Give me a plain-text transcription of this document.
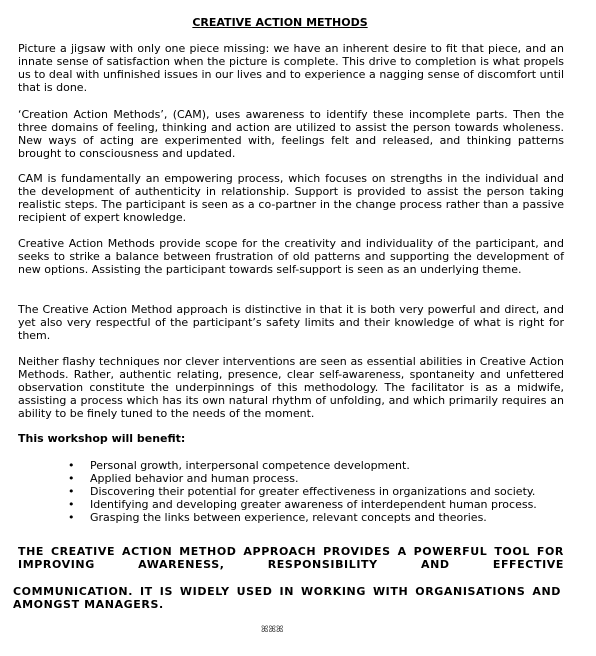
CREATIVE ACTION METHODS

Picture a jigsaw with only one piece missing: we have an inherent desire to fit that piece, and an innate sense of satisfaction when the picture is complete. This drive to completion is what propels us to deal with unfinished issues in our lives and to experience a nagging sense of discomfort until that is done.

‘Creation Action Methods’, (CAM), uses awareness to identify these incomplete parts. Then the three domains of feeling, thinking and action are utilized to assist the person towards wholeness. New ways of acting are experimented with, feelings felt and released, and thinking patterns brought to consciousness and updated.

CAM is fundamentally an empowering process, which focuses on strengths in the individual and the development of authenticity in relationship. Support is provided to assist the person taking realistic steps. The participant is seen as a co-partner in the change process rather than a passive recipient of expert knowledge.

Creative Action Methods provide scope for the creativity and individuality of the participant, and seeks to strike a balance between frustration of old patterns and supporting the development of new options. Assisting the participant towards self-support is seen as an underlying theme.

The Creative Action Method approach is distinctive in that it is both very powerful and direct, and yet also very respectful of the participant’s safety limits and their knowledge of what is right for them.

Neither flashy techniques nor clever interventions are seen as essential abilities in Creative Action Methods. Rather, authentic relating, presence, clear self-awareness, spontaneity and unfettered observation constitute the underpinnings of this methodology. The facilitator is as a midwife, assisting a process which has its own natural rhythm of unfolding, and which primarily requires an ability to be finely tuned to the needs of the moment.

This workshop will benefit:

• Personal growth, interpersonal competence development.
• Applied behavior and human process.
• Discovering their potential for greater effectiveness in organizations and society.
• Identifying and developing greater awareness of interdependent human process.
• Grasping the links between experience, relevant concepts and theories.

THE CREATIVE ACTION METHOD APPROACH PROVIDES A POWERFUL TOOL FOR IMPROVING AWARENESS, RESPONSIBILITY AND EFFECTIVE

COMMUNICATION. IT IS WIDELY USED IN WORKING WITH ORGANISATIONS AND AMONGST MANAGERS.

ꕤꕤꕤ
